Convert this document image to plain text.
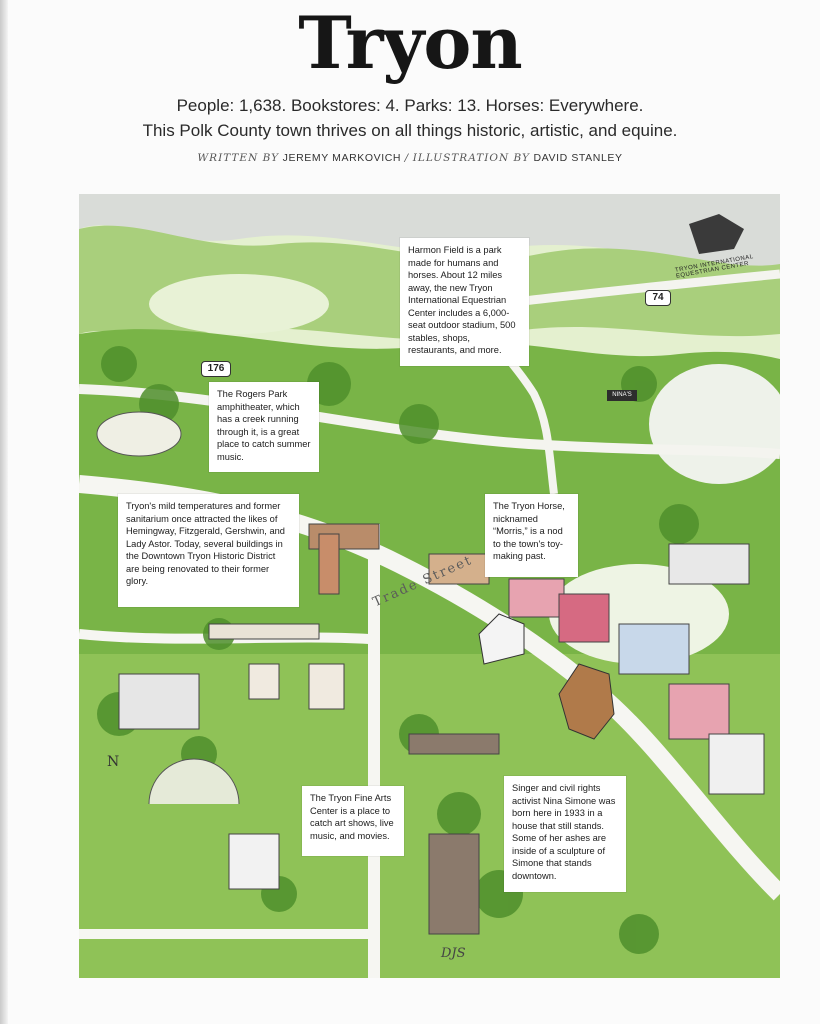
Tryon
People: 1,638. Bookstores: 4. Parks: 13. Horses: Everywhere.
This Polk County town thrives on all things historic, artistic, and equine.
WRITTEN BY JEREMY MARKOVICH / ILLUSTRATION BY DAVID STANLEY
TRYON INTERNATIONAL EQUESTRIAN CENTER
74
176
NINA'S
Trade Street
N
DJS
Harmon Field is a park made for humans and horses. About 12 miles away, the new Tryon International Equestrian Center includes a 6,000-seat outdoor stadium, 500 stables, shops, restaurants, and more.
The Rogers Park amphitheater, which has a creek running through it, is a great place to catch summer music.
Tryon's mild temperatures and former sanitarium once attracted the likes of Hemingway, Fitzgerald, Gershwin, and Lady Astor. Today, several buildings in the Downtown Tryon Historic District are being renovated to their former glory.
The Tryon Horse, nicknamed “Morris,” is a nod to the town's toy-making past.
The Tryon Fine Arts Center is a place to catch art shows, live music, and movies.
Singer and civil rights activist Nina Simone was born here in 1933 in a house that still stands. Some of her ashes are inside of a sculpture of Simone that stands downtown.
